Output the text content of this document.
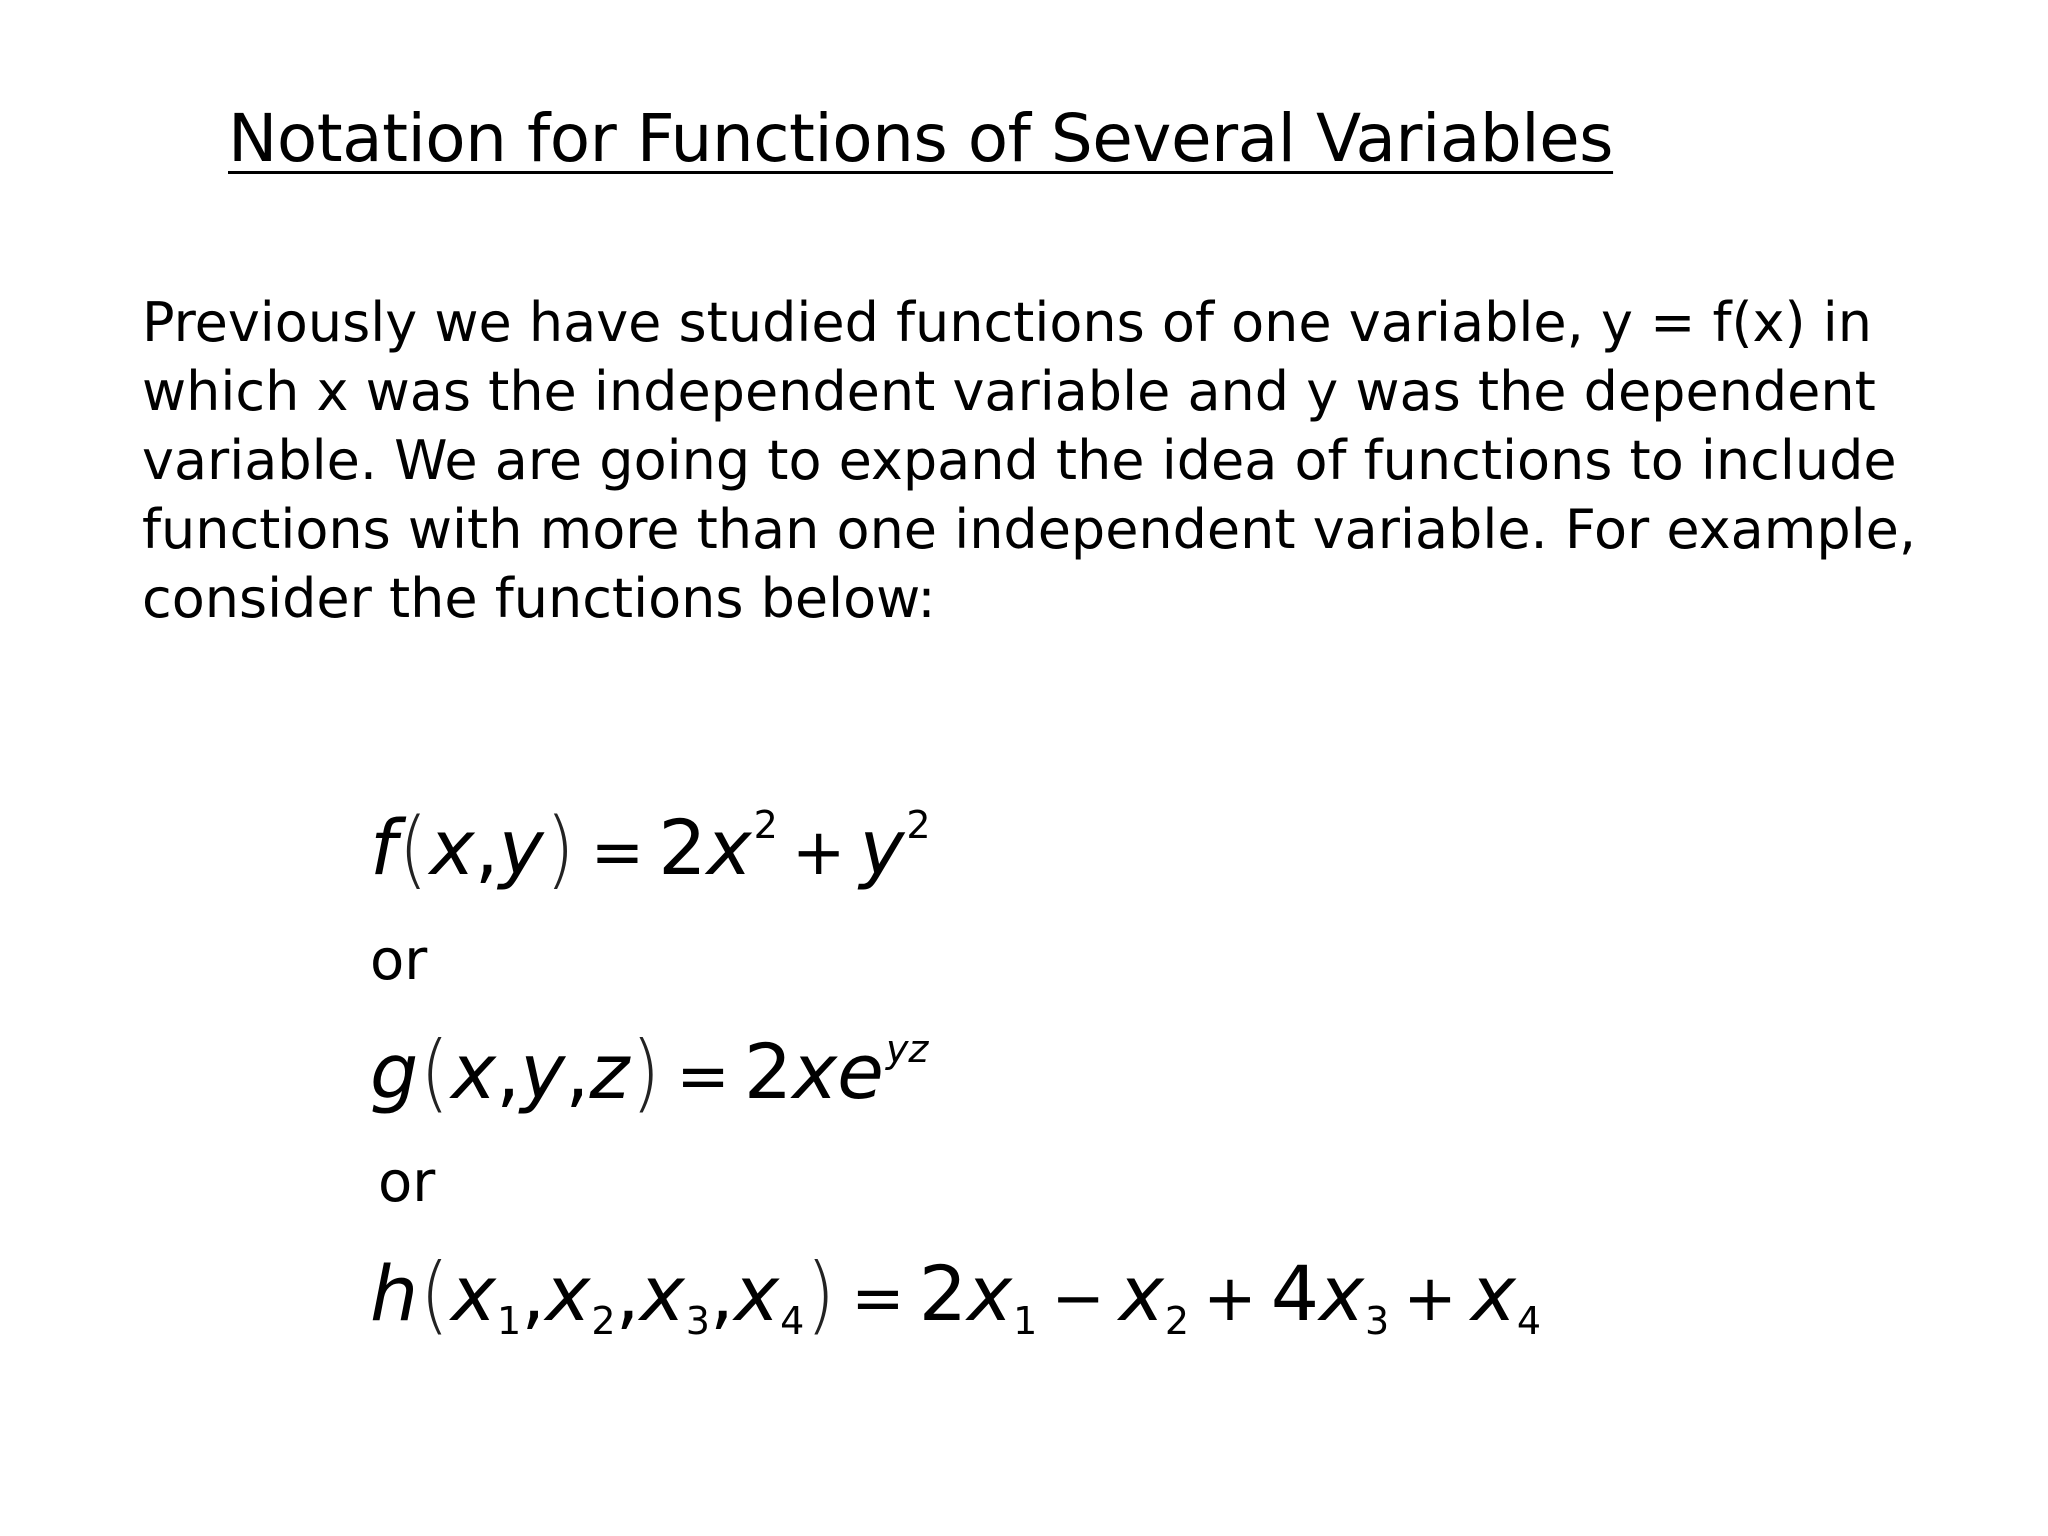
Notation for Functions of Several Variables
Previously we have studied functions of one variable, y = f(x) in
which x was the independent variable and y was the dependent
variable. We are going to expand the idea of functions to include
functions with more than one independent variable. For example,
consider the functions below:
$f(x,y) = 2x^2 + y^2$
or
$g(x,y,z) = 2xe^{yz}$
or
$h(x_1,x_2,x_3,x_4) = 2x_1 - x_2 + 4x_3 + x_4$
